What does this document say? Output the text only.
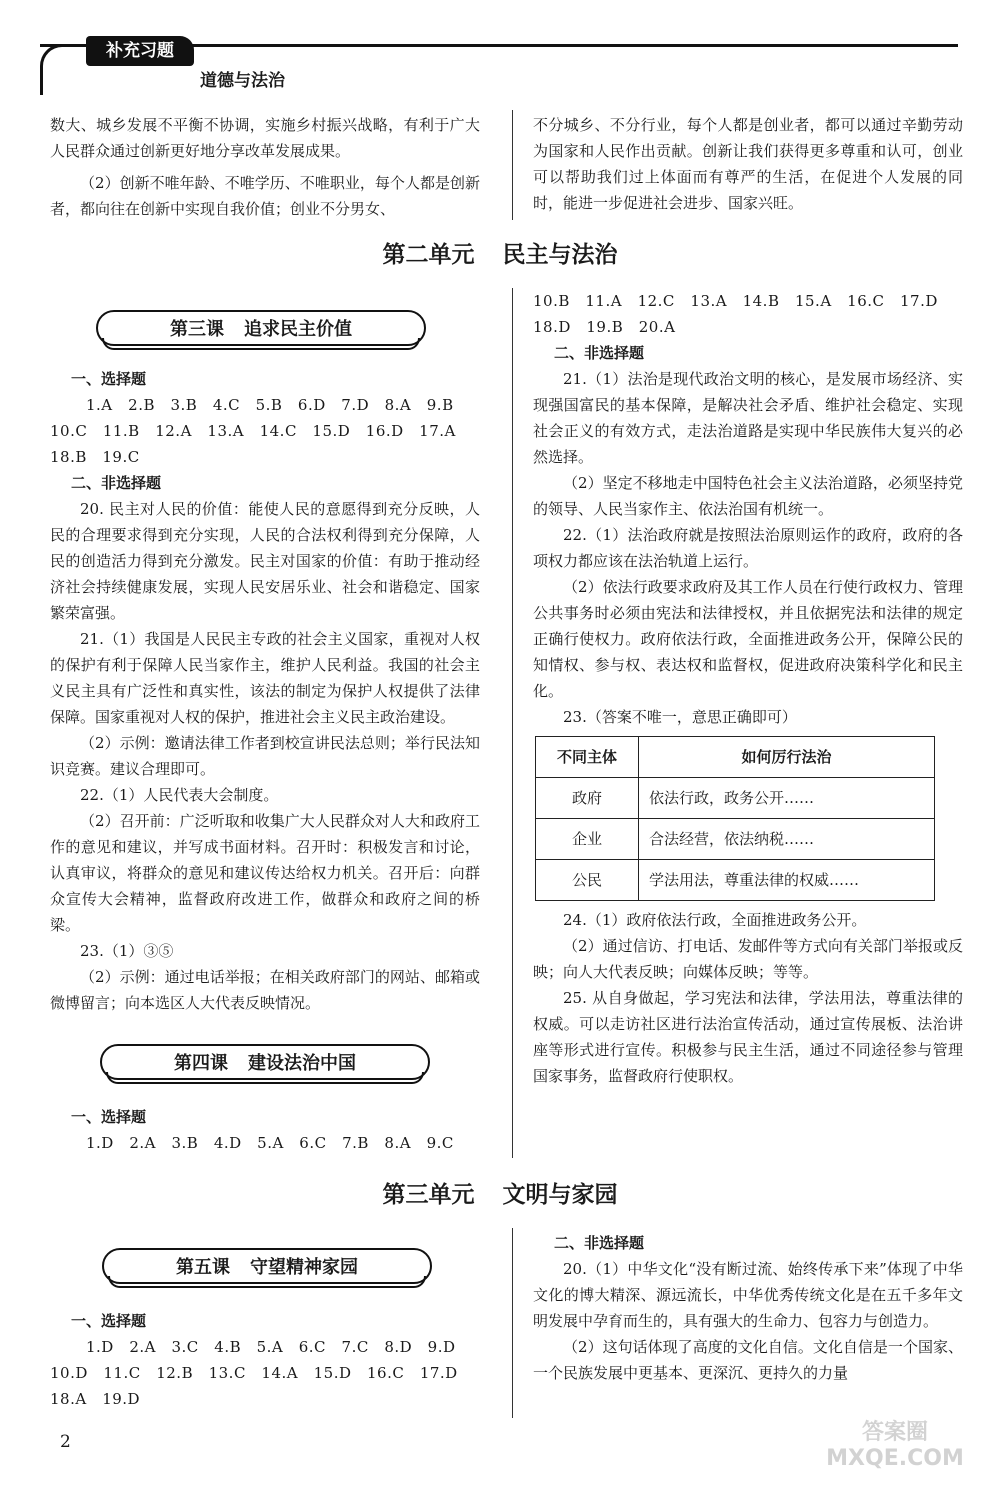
补充习题
道德与法治

数大、城乡发展不平衡不协调，实施乡村振兴战略，有利于广大人民群众通过创新更好地分享改革发展成果。

（2）创新不唯年龄、不唯学历、不唯职业，每个人都是创新者，都向往在创新中实现自我价值；创业不分男女、

不分城乡、不分行业，每个人都是创业者，都可以通过辛勤劳动为国家和人民作出贡献。创新让我们获得更多尊重和认可，创业可以帮助我们过上体面而有尊严的生活，在促进个人发展的同时，能进一步促进社会进步、国家兴旺。

第二单元 民主与法治
第三课 追求民主价值

一、选择题

1.A　2.B　3.B　4.C　5.B　6.D　7.D　8.A　9.B

10.C　11.B　12.A　13.A　14.C　15.D　16.D　17.A

18.B　19.C

二、非选择题

20. 民主对人民的价值：能使人民的意愿得到充分反映，人民的合理要求得到充分实现，人民的合法权利得到充分保障，人民的创造活力得到充分激发。民主对国家的价值：有助于推动经济社会持续健康发展，实现人民安居乐业、社会和谐稳定、国家繁荣富强。

21.（1）我国是人民民主专政的社会主义国家，重视对人权的保护有利于保障人民当家作主，维护人民利益。我国的社会主义民主具有广泛性和真实性，该法的制定为保护人权提供了法律保障。国家重视对人权的保护，推进社会主义民主政治建设。

（2）示例：邀请法律工作者到校宣讲民法总则；举行民法知识竞赛。建议合理即可。

22.（1）人民代表大会制度。

（2）召开前：广泛听取和收集广大人民群众对人大和政府工作的意见和建议，并写成书面材料。召开时：积极发言和讨论，认真审议，将群众的意见和建议传达给权力机关。召开后：向群众宣传大会精神，监督政府改进工作，做群众和政府之间的桥梁。

23.（1）③⑤

（2）示例：通过电话举报；在相关政府部门的网站、邮箱或微博留言；向本选区人大代表反映情况。

第四课 建设法治中国

一、选择题

1.D　2.A　3.B　4.D　5.A　6.C　7.B　8.A　9.C

10.B　11.A　12.C　13.A　14.B　15.A　16.C　17.D

18.D　19.B　20.A

二、非选择题

21.（1）法治是现代政治文明的核心，是发展市场经济、实现强国富民的基本保障，是解决社会矛盾、维护社会稳定、实现社会正义的有效方式，走法治道路是实现中华民族伟大复兴的必然选择。

（2）坚定不移地走中国特色社会主义法治道路，必须坚持党的领导、人民当家作主、依法治国有机统一。

22.（1）法治政府就是按照法治原则运作的政府，政府的各项权力都应该在法治轨道上运行。

（2）依法行政要求政府及其工作人员在行使行政权力、管理公共事务时必须由宪法和法律授权，并且依据宪法和法律的规定正确行使权力。政府依法行政，全面推进政务公开，保障公民的知情权、参与权、表达权和监督权，促进政府决策科学化和民主化。

23.（答案不唯一，意思正确即可）

不同主体	如何厉行法治
政府	依法行政，政务公开……
企业	合法经营，依法纳税……
公民	学法用法，尊重法律的权威……

24.（1）政府依法行政，全面推进政务公开。

（2）通过信访、打电话、发邮件等方式向有关部门举报或反映；向人大代表反映；向媒体反映；等等。

25. 从自身做起，学习宪法和法律，学法用法，尊重法律的权威。可以走访社区进行法治宣传活动，通过宣传展板、法治讲座等形式进行宣传。积极参与民主生活，通过不同途径参与管理国家事务，监督政府行使职权。

第三单元 文明与家园
第五课 守望精神家园

一、选择题

1.D　2.A　3.C　4.B　5.A　6.C　7.C　8.D　9.D

10.D　11.C　12.B　13.C　14.A　15.D　16.C　17.D

18.A　19.D

二、非选择题

20.（1）中华文化“没有断过流、始终传承下来”体现了中华文化的博大精深、源远流长，中华优秀传统文化是在五千多年文明发展中孕育而生的，具有强大的生命力、包容力与创造力。

（2）这句话体现了高度的文化自信。文化自信是一个国家、一个民族发展中更基本、更深沉、更持久的力量

2	答案圈 MXQE.COM
